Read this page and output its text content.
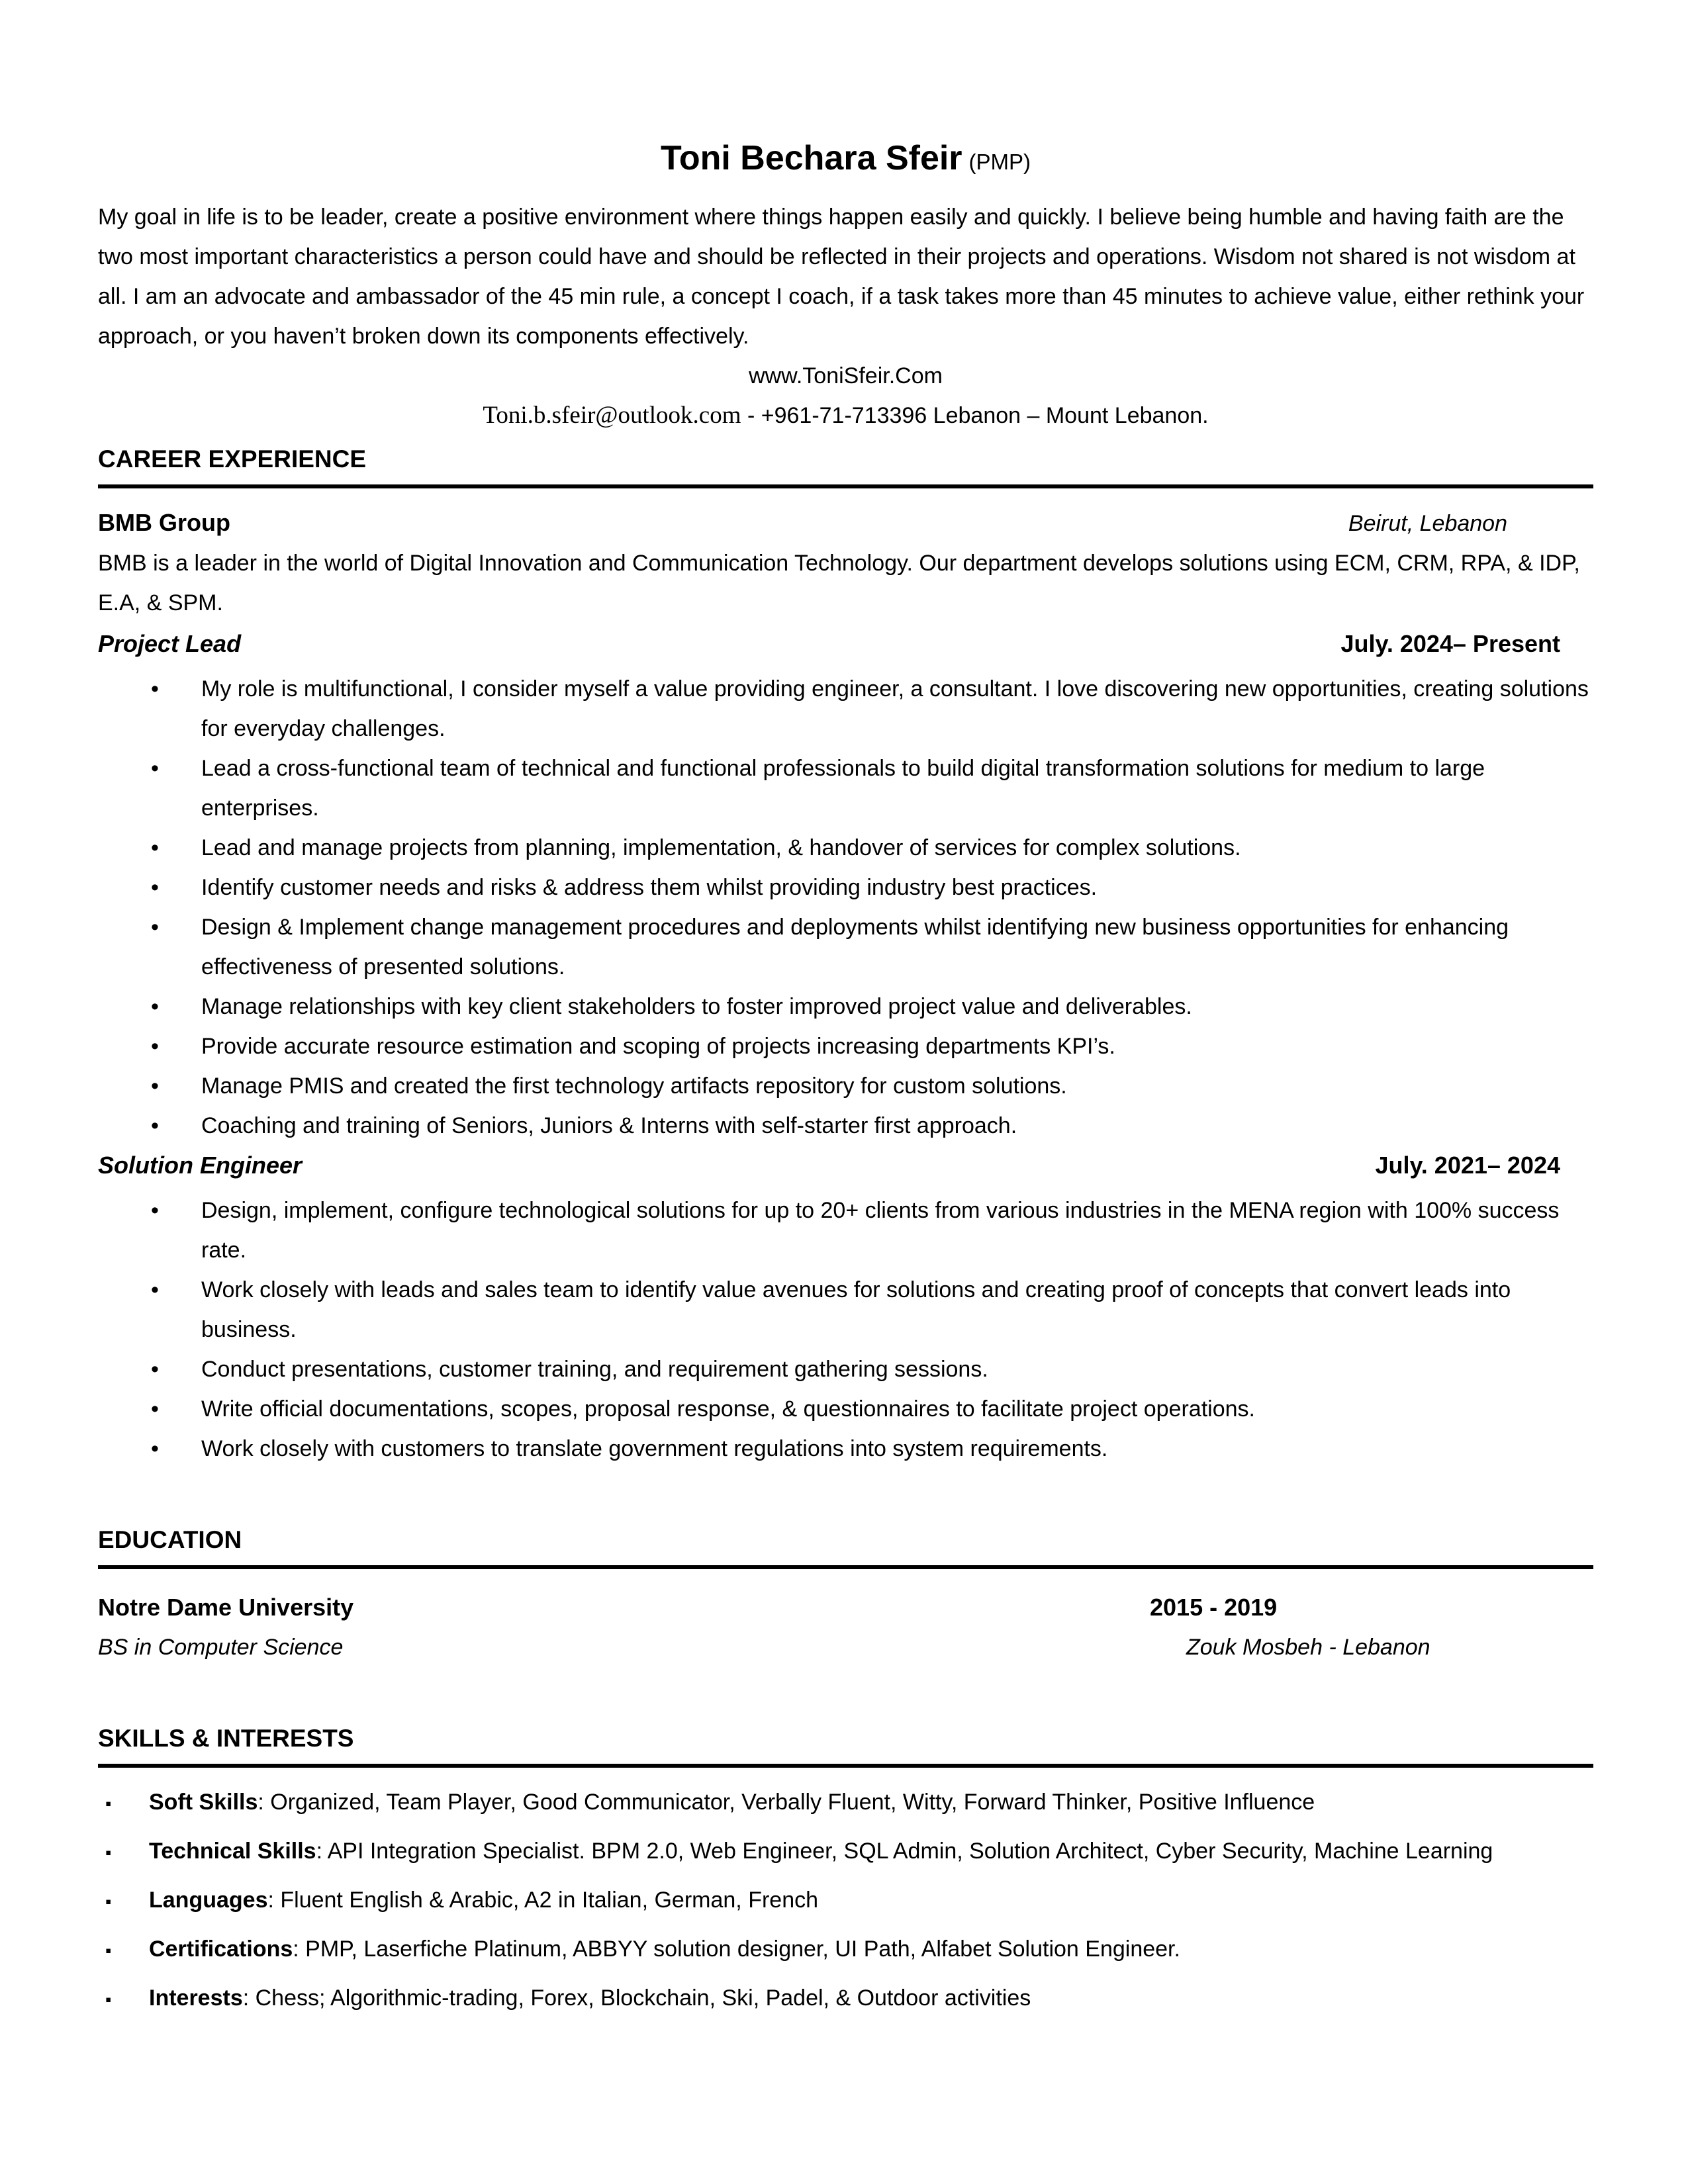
Toni Bechara Sfeir (PMP)

My goal in life is to be leader, create a positive environment where things happen easily and quickly. I believe being humble and having faith are the two most important characteristics a person could have and should be reflected in their projects and operations. Wisdom not shared is not wisdom at all. I am an advocate and ambassador of the 45 min rule, a concept I coach, if a task takes more than 45 minutes to achieve value, either rethink your approach, or you haven’t broken down its components effectively.

www.ToniSfeir.Com

Toni.b.sfeir@outlook.com - +961-71-713396 Lebanon – Mount Lebanon.

CAREER EXPERIENCE
BMB Group	Beirut, Lebanon

BMB is a leader in the world of Digital Innovation and Communication Technology. Our department develops solutions using ECM, CRM, RPA, & IDP, E.A, & SPM.

Project Lead	July. 2024– Present
• My role is multifunctional, I consider myself a value providing engineer, a consultant. I love discovering new opportunities, creating solutions for everyday challenges.
• Lead a cross-functional team of technical and functional professionals to build digital transformation solutions for medium to large enterprises.
• Lead and manage projects from planning, implementation, & handover of services for complex solutions.
• Identify customer needs and risks & address them whilst providing industry best practices.
• Design & Implement change management procedures and deployments whilst identifying new business opportunities for enhancing effectiveness of presented solutions.
• Manage relationships with key client stakeholders to foster improved project value and deliverables.
• Provide accurate resource estimation and scoping of projects increasing departments KPI’s.
• Manage PMIS and created the first technology artifacts repository for custom solutions.
• Coaching and training of Seniors, Juniors & Interns with self-starter first approach.
Solution Engineer	July. 2021– 2024
• Design, implement, configure technological solutions for up to 20+ clients from various industries in the MENA region with 100% success rate.
• Work closely with leads and sales team to identify value avenues for solutions and creating proof of concepts that convert leads into business.
• Conduct presentations, customer training, and requirement gathering sessions.
• Write official documentations, scopes, proposal response, & questionnaires to facilitate project operations.
• Work closely with customers to translate government regulations into system requirements.
EDUCATION
Notre Dame University	2015 - 2019
BS in Computer Science	Zouk Mosbeh - Lebanon
SKILLS & INTERESTS
▪ Soft Skills: Organized, Team Player, Good Communicator, Verbally Fluent, Witty, Forward Thinker, Positive Influence
▪ Technical Skills: API Integration Specialist. BPM 2.0, Web Engineer, SQL Admin, Solution Architect, Cyber Security, Machine Learning
▪ Languages: Fluent English & Arabic, A2 in Italian, German, French
▪ Certifications: PMP, Laserfiche Platinum, ABBYY solution designer, UI Path, Alfabet Solution Engineer.
▪ Interests: Chess; Algorithmic-trading, Forex, Blockchain, Ski, Padel, & Outdoor activities
